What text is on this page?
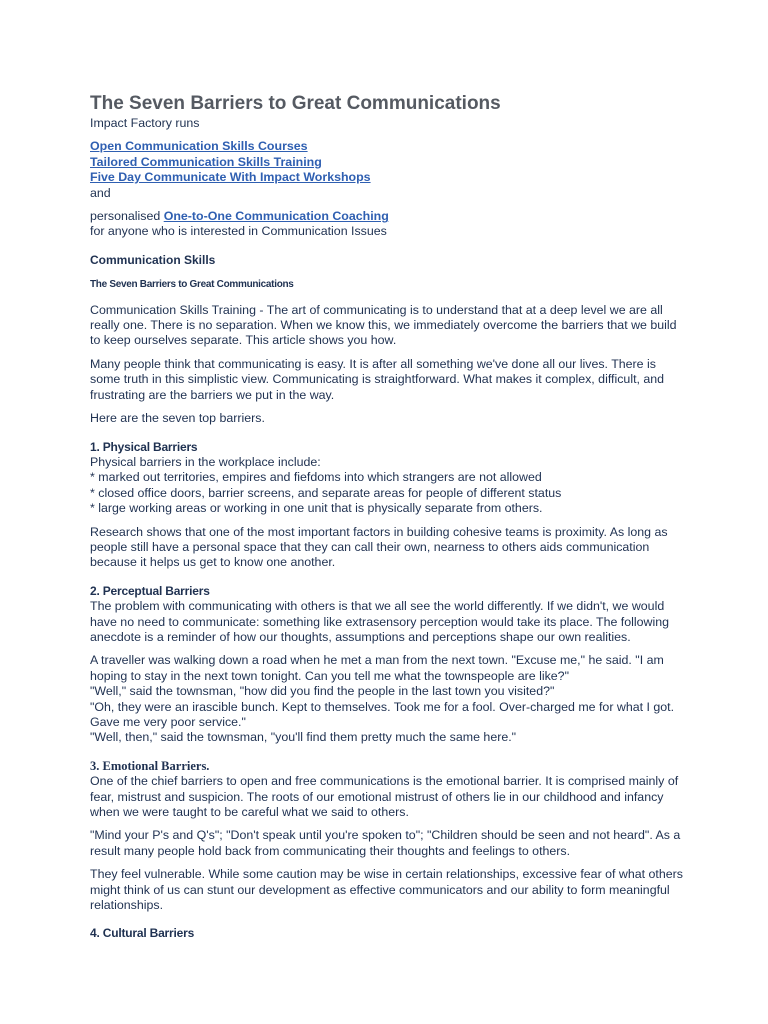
The Seven Barriers to Great Communications

Impact Factory runs

Open Communication Skills Courses
Tailored Communication Skills Training
Five Day Communicate With Impact Workshops

and

personalised One-to-One Communication Coaching

for anyone who is interested in Communication Issues

Communication Skills
The Seven Barriers to Great Communications

Communication Skills Training - The art of communicating is to understand that at a deep level we are all really one. There is no separation. When we know this, we immediately overcome the barriers that we build to keep ourselves separate. This article shows you how.

Many people think that communicating is easy. It is after all something we've done all our lives. There is some truth in this simplistic view. Communicating is straightforward. What makes it complex, difficult, and frustrating are the barriers we put in the way.

Here are the seven top barriers.

1. Physical Barriers

Physical barriers in the workplace include:

* marked out territories, empires and fiefdoms into which strangers are not allowed

* closed office doors, barrier screens, and separate areas for people of different status

* large working areas or working in one unit that is physically separate from others.

Research shows that one of the most important factors in building cohesive teams is proximity. As long as people still have a personal space that they can call their own, nearness to others aids communication because it helps us get to know one another.

2. Perceptual Barriers

The problem with communicating with others is that we all see the world differently. If we didn't, we would have no need to communicate: something like extrasensory perception would take its place. The following anecdote is a reminder of how our thoughts, assumptions and perceptions shape our own realities.

A traveller was walking down a road when he met a man from the next town. "Excuse me," he said. "I am hoping to stay in the next town tonight. Can you tell me what the townspeople are like?"

"Well," said the townsman, "how did you find the people in the last town you visited?"

"Oh, they were an irascible bunch. Kept to themselves. Took me for a fool. Over-charged me for what I got. Gave me very poor service."

"Well, then," said the townsman, "you'll find them pretty much the same here."

3. Emotional Barriers.

One of the chief barriers to open and free communications is the emotional barrier. It is comprised mainly of fear, mistrust and suspicion. The roots of our emotional mistrust of others lie in our childhood and infancy when we were taught to be careful what we said to others.

"Mind your P's and Q's"; "Don't speak until you're spoken to"; "Children should be seen and not heard". As a result many people hold back from communicating their thoughts and feelings to others.

They feel vulnerable. While some caution may be wise in certain relationships, excessive fear of what others might think of us can stunt our development as effective communicators and our ability to form meaningful relationships.

4. Cultural Barriers
